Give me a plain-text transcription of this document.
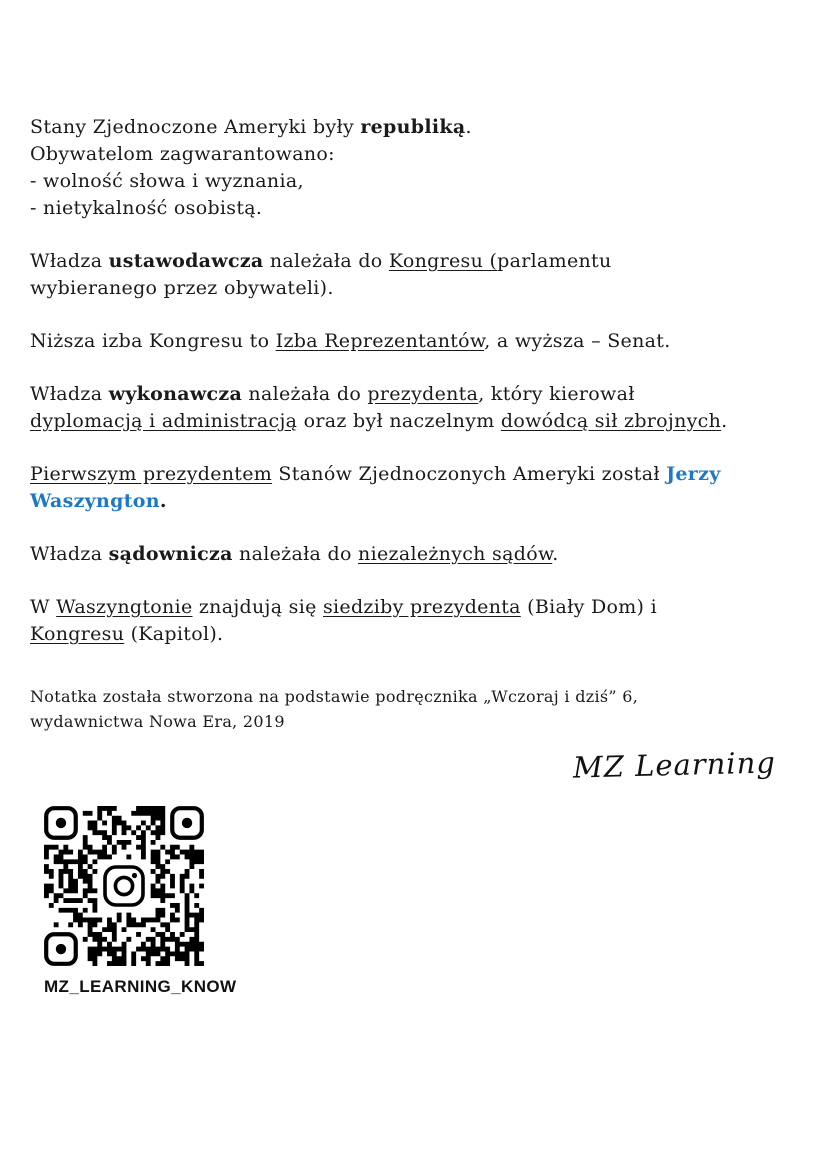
Stany Zjednoczone Ameryki były republiką.
Obywatelom zagwarantowano:
- wolność słowa i wyznania,
- nietykalność osobistą.
Władza ustawodawcza należała do Kongresu (parlamentu
wybieranego przez obywateli).
Niższa izba Kongresu to Izba Reprezentantów, a wyższa – Senat.
Władza wykonawcza należała do prezydenta, który kierował
dyplomacją i administracją oraz był naczelnym dowódcą sił zbrojnych.
Pierwszym prezydentem Stanów Zjednoczonych Ameryki został Jerzy
Waszyngton.
Władza sądownicza należała do niezależnych sądów.
W Waszyngtonie znajdują się siedziby prezydenta (Biały Dom) i
Kongresu (Kapitol).
Notatka została stworzona na podstawie podręcznika „Wczoraj i dziś” 6,
wydawnictwa Nowa Era, 2019
MZ Learning
MZ_LEARNING_KNOW
